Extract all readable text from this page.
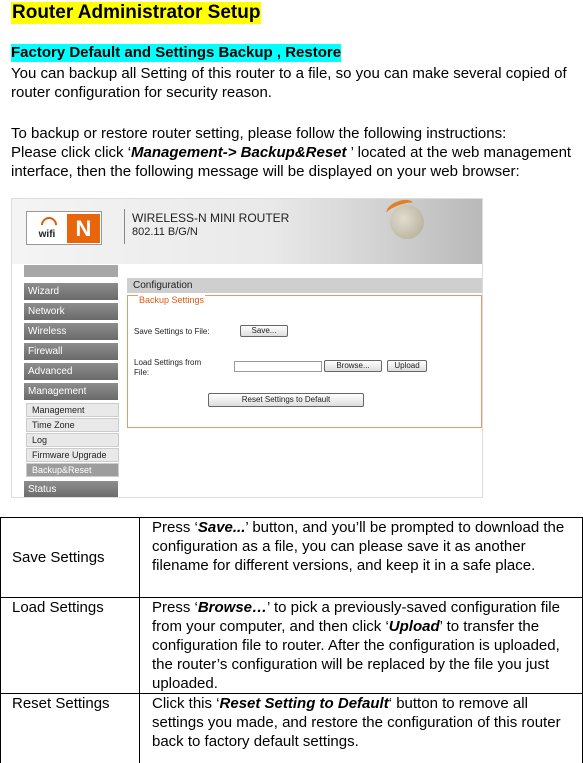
Router Administrator Setup
Factory Default and Settings Backup , Restore
You can backup all Setting of this router to a file, so you can make several copied of router configuration for security reason.
To backup or restore router setting, please follow the following instructions:
Please click click ‘Management-> Backup&Reset ’ located at the web management interface, then the following message will be displayed on your web browser:
wifi N	WIRELESS-N MINI ROUTER
802.11 B/G/N
Wizard
Network
Wireless
Firewall
Advanced
Management
Management
Time Zone
Log
Firmware Upgrade
Backup&Reset
Status
Configuration
Backup Settings
Save Settings to File:	Save...
Load Settings from
File:
Browse...	Upload
Reset Settings to Default
Save Settings	Press ‘Save...’ button, and you’ll be prompted to download the configuration as a file, you can please save it as another filename for different versions, and keep it in a safe place.
Load Settings	Press ‘Browse…’ to pick a previously-saved configuration file from your computer, and then click ‘Upload’ to transfer the configuration file to router. After the configuration is uploaded, the router’s configuration will be replaced by the file you just uploaded.
Reset Settings	Click this ‘Reset Setting to Default‘ button to remove all settings you made, and restore the configuration of this router back to factory default settings.
